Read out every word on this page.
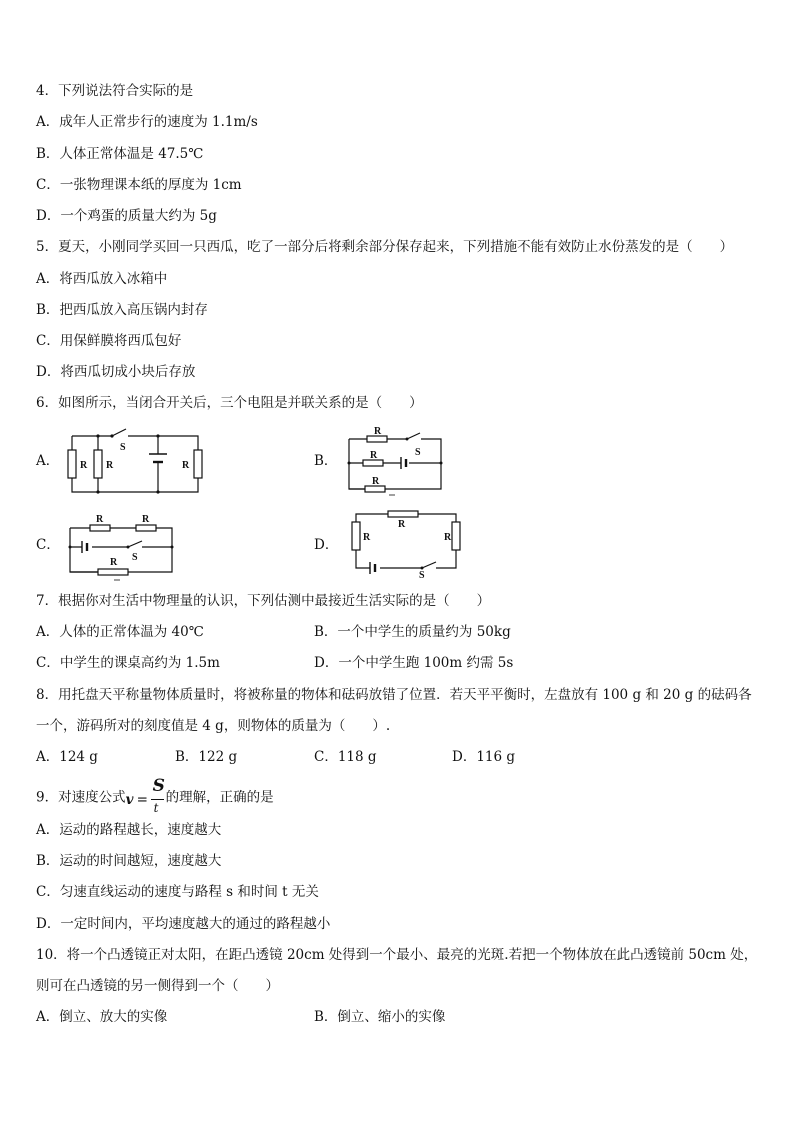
4．下列说法符合实际的是
A．成年人正常步行的速度为 1.1m/s
B．人体正常体温是 47.5℃
C．一张物理课本纸的厚度为 1cm
D．一个鸡蛋的质量大约为 5g
5．夏天，小刚同学买回一只西瓜，吃了一部分后将剩余部分保存起来，下列措施不能有效防止水份蒸发的是（　　）
A．将西瓜放入冰箱中
B．把西瓜放入高压锅内封存
C．用保鲜膜将西瓜包好
D．将西瓜切成小块后存放
6．如图所示，当闭合开关后，三个电阻是并联关系的是（　　）
A． R R	R
S
B．
R
R
R
S
C．
R	R
R S
D．
R
R	R
S
7．根据你对生活中物理量的认识，下列估测中最接近生活实际的是（　　）
A．人体的正常体温为 40℃	B．一个中学生的质量约为 50kg
C．中学生的课桌高约为 1.5m	D．一个中学生跑 100m 约需 5s
8．用托盘天平称量物体质量时，将被称量的物体和砝码放错了位置．若天平平衡时，左盘放有 100 g 和 20 g 的砝码各
一个，游码所对的刻度值是 4 g，则物体的质量为（　　）.
A．124 g	B．122 g	C．118 g	D．116 g
9．对速度公式 v =
S
t
的理解，正确的是
A．运动的路程越长，速度越大
B．运动的时间越短，速度越大
C．匀速直线运动的速度与路程 s 和时间 t 无关
D．一定时间内，平均速度越大的通过的路程越小
10．将一个凸透镜正对太阳，在距凸透镜 20cm 处得到一个最小、最亮的光斑.若把一个物体放在此凸透镜前 50cm 处，
则可在凸透镜的另一侧得到一个（　　）
A．倒立、放大的实像	B．倒立、缩小的实像
